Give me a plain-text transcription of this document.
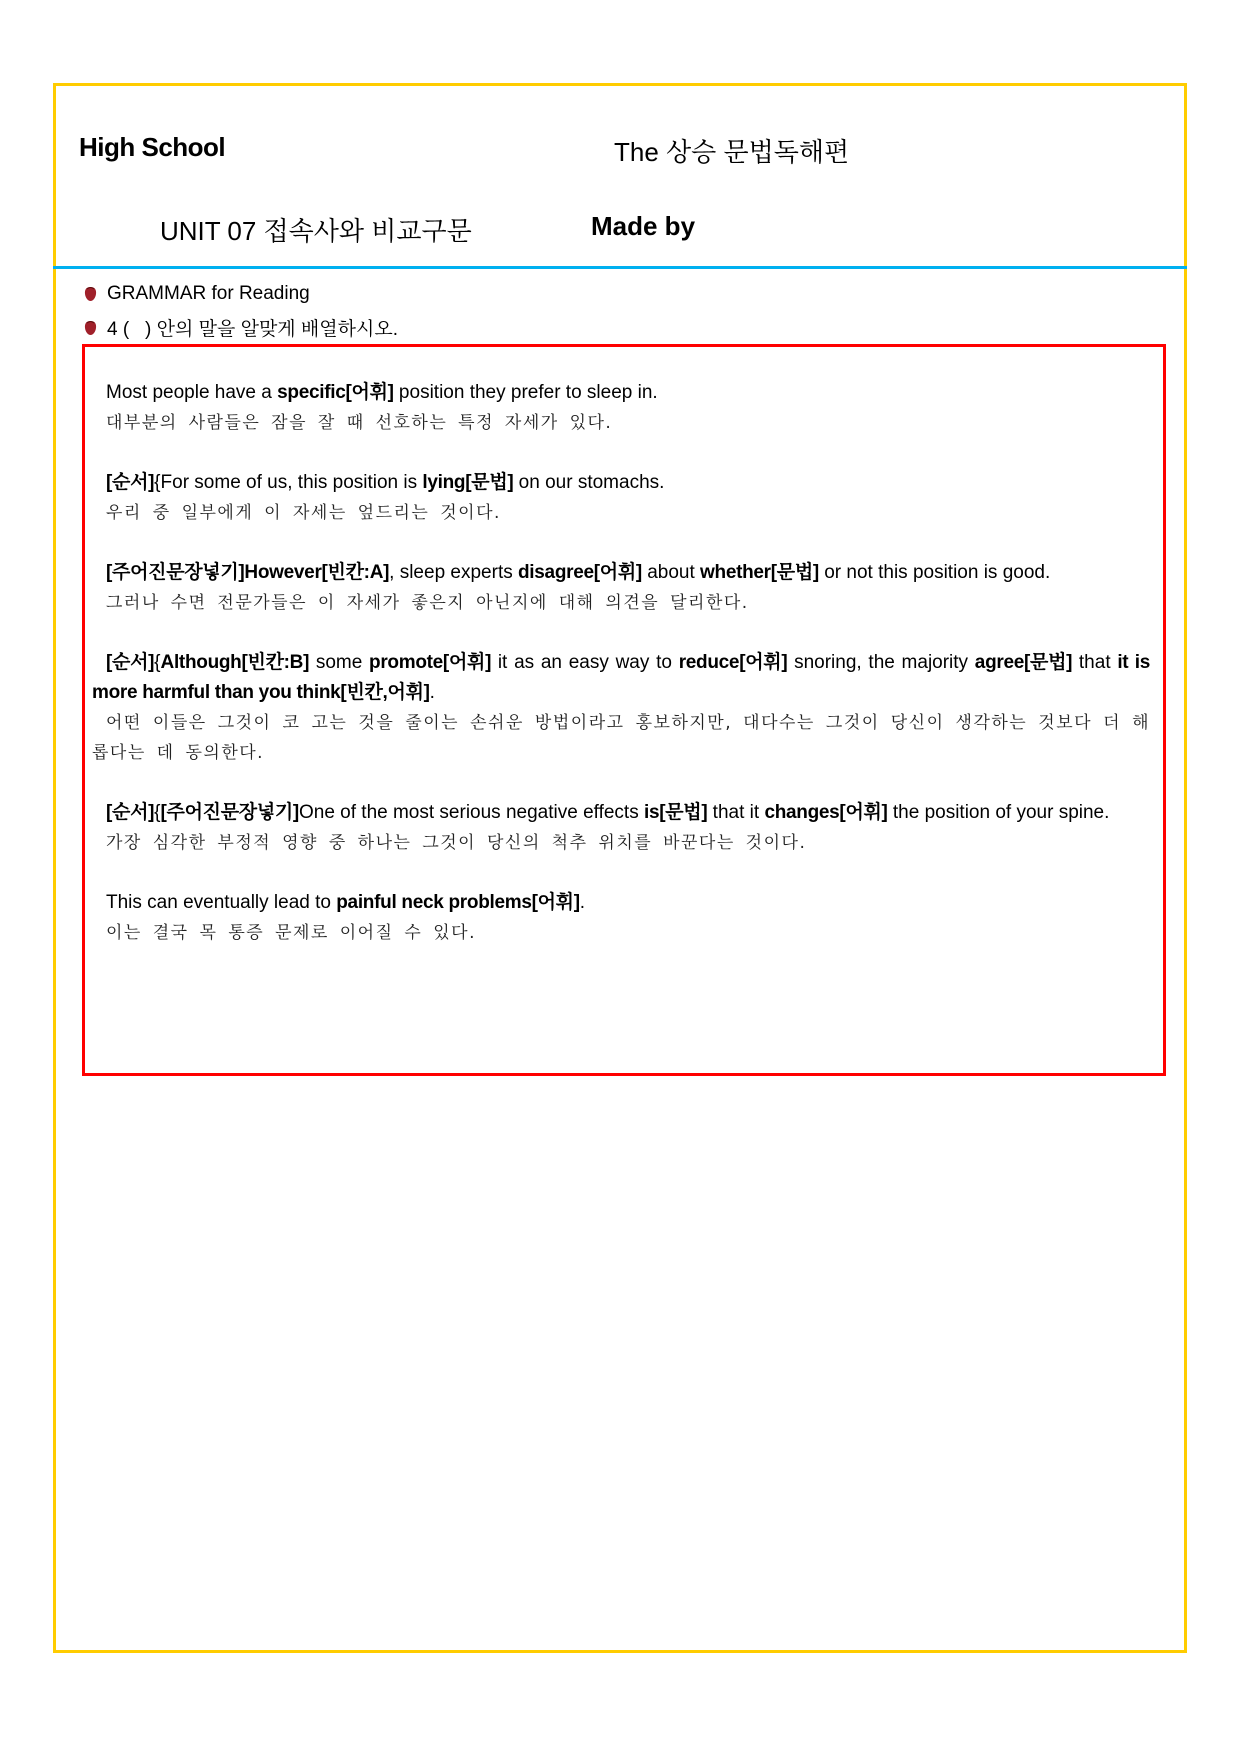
High School	The 상승 문법독해편
UNIT 07 접속사와 비교구문	Made by
GRAMMAR for Reading
4 (   ) 안의 말을 알맞게 배열하시오.
Most people have a specific[어휘] position they prefer to sleep in.
대부분의 사람들은 잠을 잘 때 선호하는 특정 자세가 있다.
[순서]{For some of us, this position is lying[문법] on our stomachs.
우리 중 일부에게 이 자세는 엎드리는 것이다.
[주어진문장넣기]However[빈칸:A], sleep experts disagree[어휘] about whether[문법] or not this position is good.
그러나 수면 전문가들은 이 자세가 좋은지 아닌지에 대해 의견을 달리한다.
[순서]{Although[빈칸:B] some promote[어휘] it as an easy way to reduce[어휘] snoring, the majority agree[문법] that it is more harmful than you think[빈칸,어휘].
어떤 이들은 그것이 코 고는 것을 줄이는 손쉬운 방법이라고 홍보하지만, 대다수는 그것이 당신이 생각하는 것보다 더 해롭다는 데 동의한다.
[순서]{[주어진문장넣기]One of the most serious negative effects is[문법] that it changes[어휘] the position of your spine.
가장 심각한 부정적 영향 중 하나는 그것이 당신의 척추 위치를 바꾼다는 것이다.
This can eventually lead to painful neck problems[어휘].
이는 결국 목 통증 문제로 이어질 수 있다.
